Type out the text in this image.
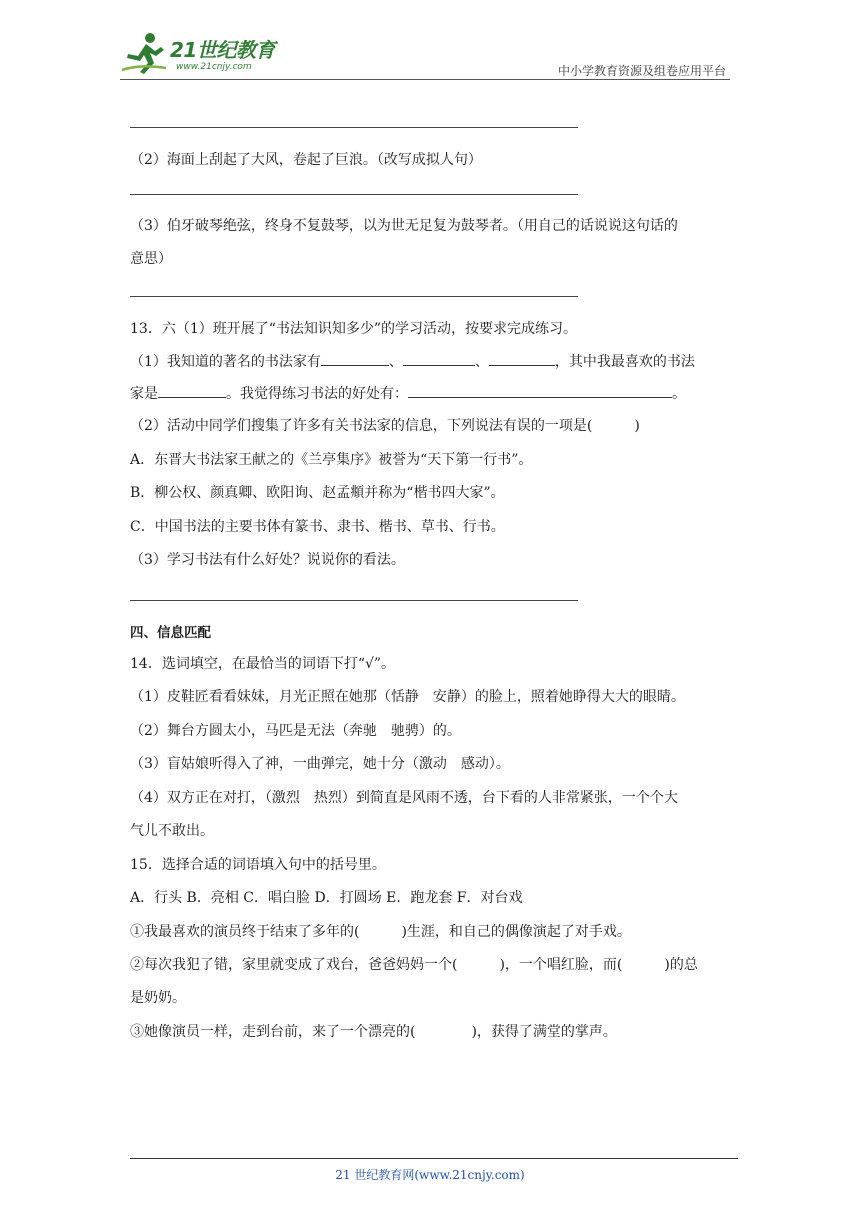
21世纪教育
www.21cnjy.com	中小学教育资源及组卷应用平台
（2）海面上刮起了大风，卷起了巨浪。（改写成拟人句）
（3）伯牙破琴绝弦，终身不复鼓琴，以为世无足复为鼓琴者。（用自己的话说说这句话的
意思）
13．六（1）班开展了“书法知识知多少”的学习活动，按要求完成练习。
（1）我知道的著名的书法家有	、	、	，其中我最喜欢的书法
家是	。我觉得练习书法的好处有：	。
（2）活动中同学们搜集了许多有关书法家的信息，下列说法有误的一项是(　　　)
A．东晋大书法家王献之的《兰亭集序》被誉为“天下第一行书”。
B．柳公权、颜真卿、欧阳询、赵孟頫并称为“楷书四大家”。
C．中国书法的主要书体有篆书、隶书、楷书、草书、行书。
（3）学习书法有什么好处？说说你的看法。
四、信息匹配
14．选词填空，在最恰当的词语下打“√”。
（1）皮鞋匠看看妹妹，月光正照在她那（恬静　安静）的脸上，照着她睁得大大的眼睛。
（2）舞台方圆太小，马匹是无法（奔驰　驰骋）的。
（3）盲姑娘听得入了神，一曲弹完，她十分（激动　感动）。
（4）双方正在对打，（激烈　热烈）到简直是风雨不透，台下看的人非常紧张，一个个大
气儿不敢出。
15．选择合适的词语填入句中的括号里。
A．行头 B．亮相 C．唱白脸 D．打圆场 E．跑龙套 F．对台戏
①我最喜欢的演员终于结束了多年的(　　　)生涯，和自己的偶像演起了对手戏。
②每次我犯了错，家里就变成了戏台，爸爸妈妈一个(　　　)，一个唱红脸，而(　　　)的总
是奶奶。
③她像演员一样，走到台前，来了一个漂亮的(　　　　)，获得了满堂的掌声。
21 世纪教育网(www.21cnjy.com)
